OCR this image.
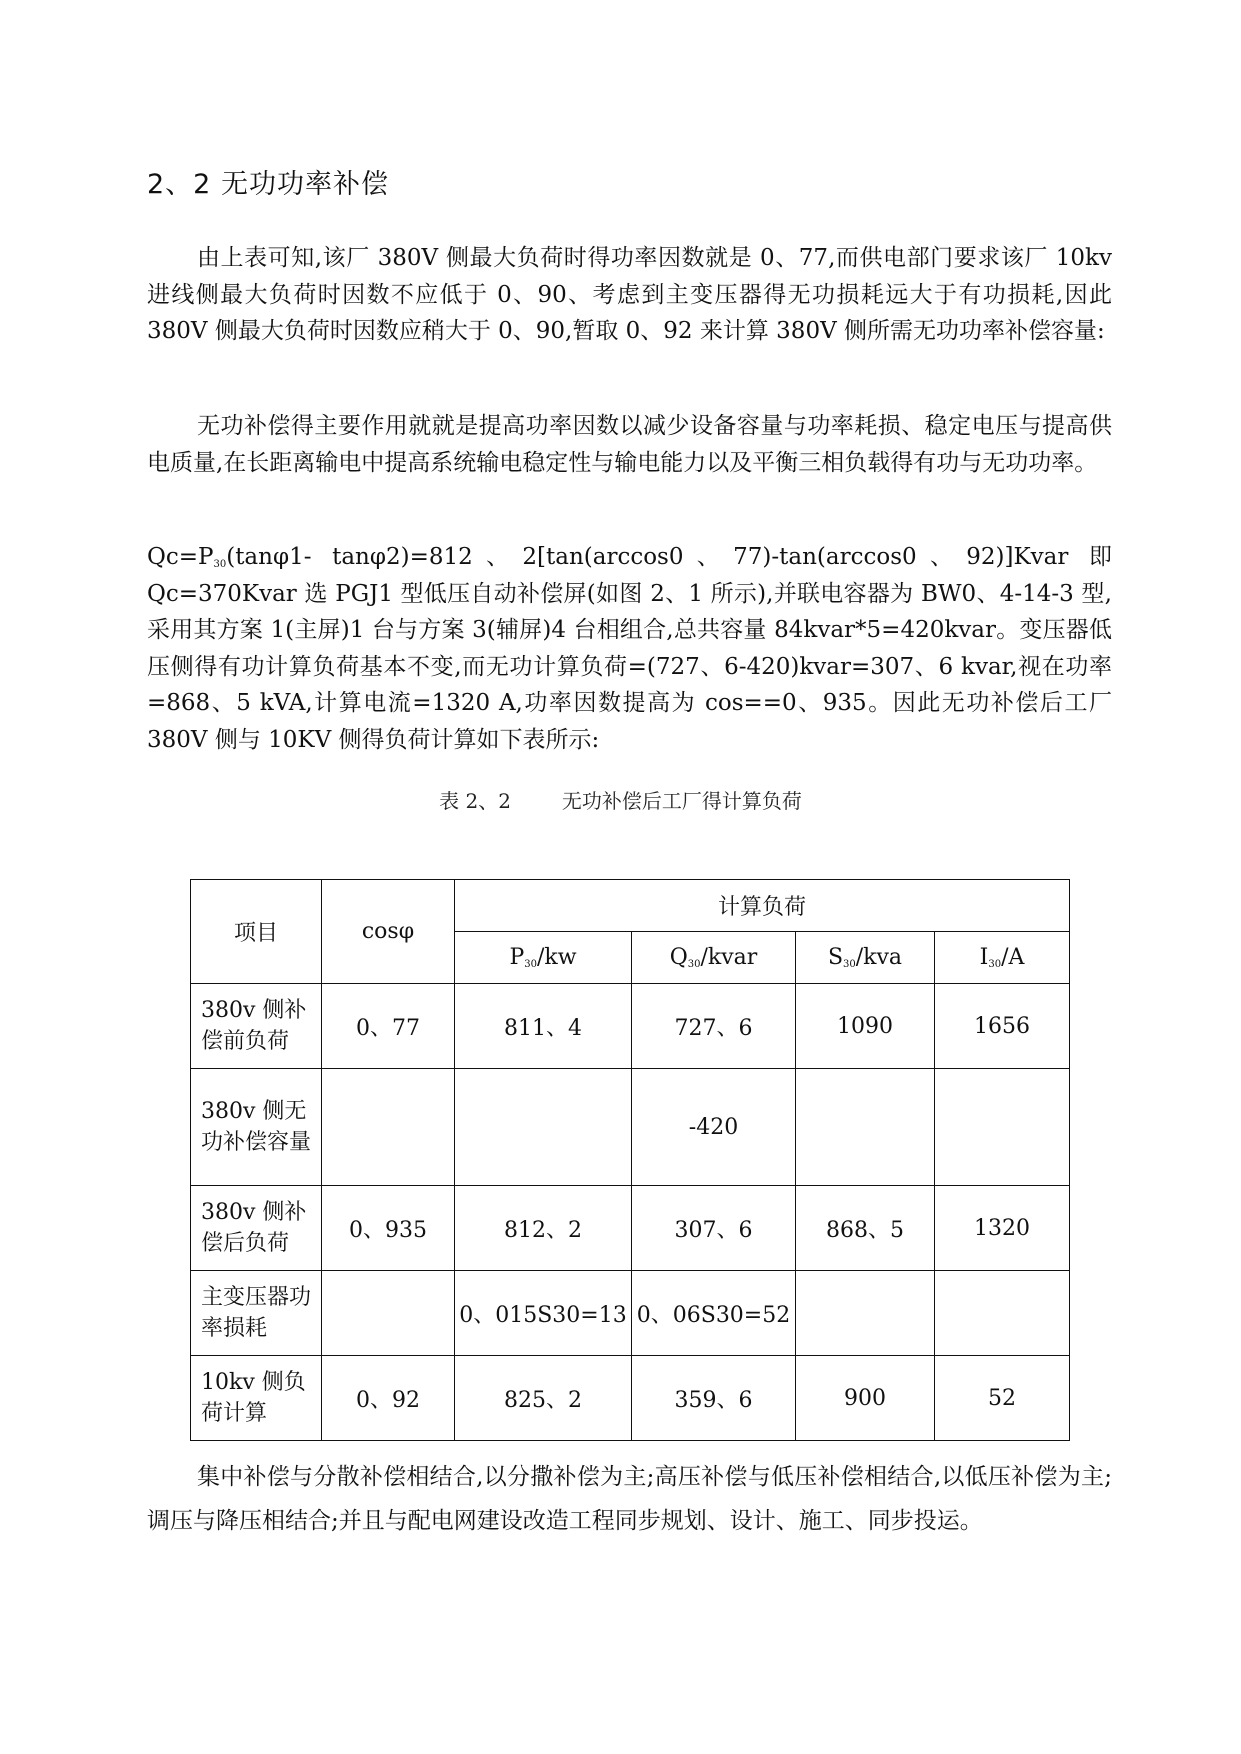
2、2 无功功率补偿

由上表可知,该厂 380V 侧最大负荷时得功率因数就是 0、77,而供电部门要求该厂 10kv 进线侧最大负荷时因数不应低于 0、90、考虑到主变压器得无功损耗远大于有功损耗,因此 380V 侧最大负荷时因数应稍大于 0、90,暂取 0、92 来计算 380V 侧所需无功功率补偿容量:

无功补偿得主要作用就就是提高功率因数以减少设备容量与功率耗损、稳定电压与提高供电质量,在长距离输电中提高系统输电稳定性与输电能力以及平衡三相负载得有功与无功功率。

$Qc=P_{30}(\tan\varphi 1-$ tanφ2)=812、2[tan(arccos0、77)-tan(arccos0、92)]Kvar 即 Qc=370Kvar 选 PGJ1 型低压自动补偿屏(如图 2、1 所示),并联电容器为 BW0、4-14-3 型,采用其方案 1(主屏)1 台与方案 3(辅屏)4 台相组合,总共容量 84kvar*5=420kvar。变压器低压侧得有功计算负荷基本不变,而无功计算负荷=(727、6-420)kvar=307、6 kvar,视在功率=868、5 kVA,计算电流=1320 A,功率因数提高为 cos==0、935。因此无功补偿后工厂 380V 侧与 10KV 侧得负荷计算如下表所示:

表 2、2        无功补偿后工厂得计算负荷
项目	cosφ	计算负荷			
		$P_{30}/kw$	$Q_{30}$/kvar	$S_{30}$/kva	$I_{30}/A$
380v 侧补偿前负荷	0、77	811、4	727、6	1090	1656
380v 侧无功补偿容量			-420		
380v 侧补偿后负荷	0、935	812、2	307、6	868、5	1320
主变压器功率损耗		0、015S30=13	0、06S30=52		
10kv 侧负荷计算	0、92	825、2	359、6	900	52

集中补偿与分散补偿相结合,以分撒补偿为主;高压补偿与低压补偿相结合,以低压补偿为主;调压与降压相结合;并且与配电网建设改造工程同步规划、设计、施工、同步投运。
